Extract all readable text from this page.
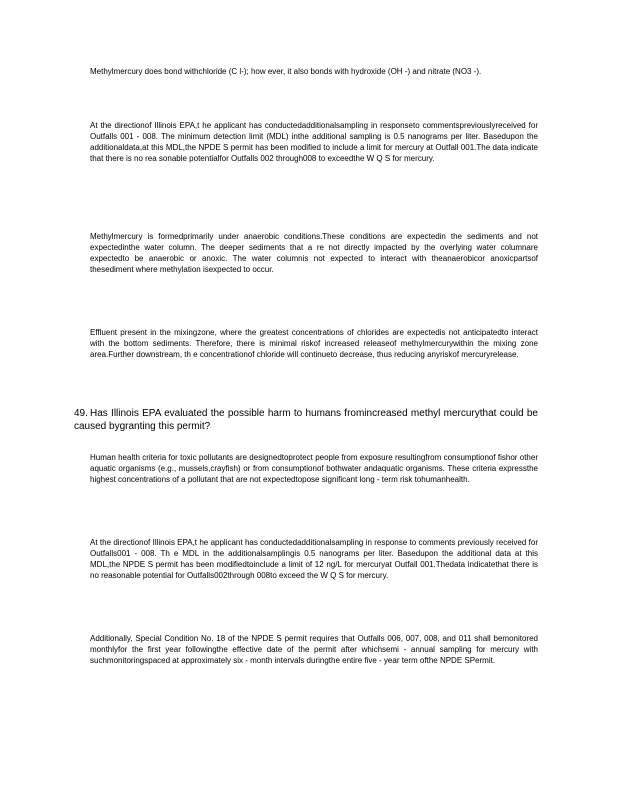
Methylmercury does bond withchloride (C l-); how ever, it also bonds with hydroxide (OH -) and nitrate (NO3 -).

At the directionof Illinois EPA,t he applicant has conductedadditionalsampling in responseto commentspreviouslyreceived for Outfalls 001 - 008. The minimum detection limit (MDL) inthe additional sampling is 0.5 nanograms per liter. Basedupon the additionaldata,at this MDL,the NPDE S permit has been modified to include a limit for mercury at Outfall 001.The data indicate that there is no rea sonable potentialfor Outfalls 002 through008 to exceedthe W Q S for mercury.

Methylmercury is formedprimarily under anaerobic conditions.These conditions are expectedin the sediments and not expectedinthe water column. The deeper sediments that a re not directly impacted by the overlying water columnare expectedto be anaerobic or anoxic. The water columnis not expected to interact with theanaerobicor anoxicpartsof thesediment where methylation isexpected to occur.

Effluent present in the mixingzone, where the greatest concentrations of chlorides are expectedis not anticipatedto interact with the bottom sediments. Therefore, there is minimal riskof increased releaseof methylmercurywithin the mixing zone area.Further downstream, th e concentrationof chloride will continueto decrease, thus reducing anyriskof mercuryrelease.

49. Has Illinois EPA evaluated the possible harm to humans fromincreased methyl mercurythat could be caused bygranting this permit?

Human health criteria for toxic pollutants are designedtoprotect people from exposure resultingfrom consumptionof fishor other aquatic organisms (e.g., mussels,crayfish) or from consumptionof bothwater andaquatic organisms. These criteria expressthe highest concentrations of a pollutant that are not expectedtopose significant long - term risk tohumanhealth.

At the directionof Illinois EPA,t he applicant has conductedadditionalsampling in response to comments previously received for Outfalls001 - 008. Th e MDL in the additionalsamplingis 0.5 nanograms per liter. Basedupon the additional data at this MDL,the NPDE S permit has been modifiedtoinclude a limit of 12 ng/L for mercuryat Outfall 001.Thedata indicatethat there is no reasonable potential for Outfalls002through 008to exceed the W Q S for mercury.

Additionally, Special Condition No. 18 of the NPDE S permit requires that Outfalls 006, 007, 008, and 011 shall bemonitored monthlyfor the first year followingthe effective date of the permit after whichsemi - annual sampling for mercury with suchmonitoringspaced at approximately six - month intervals duringthe entire five - year term ofthe NPDE SPermit.
